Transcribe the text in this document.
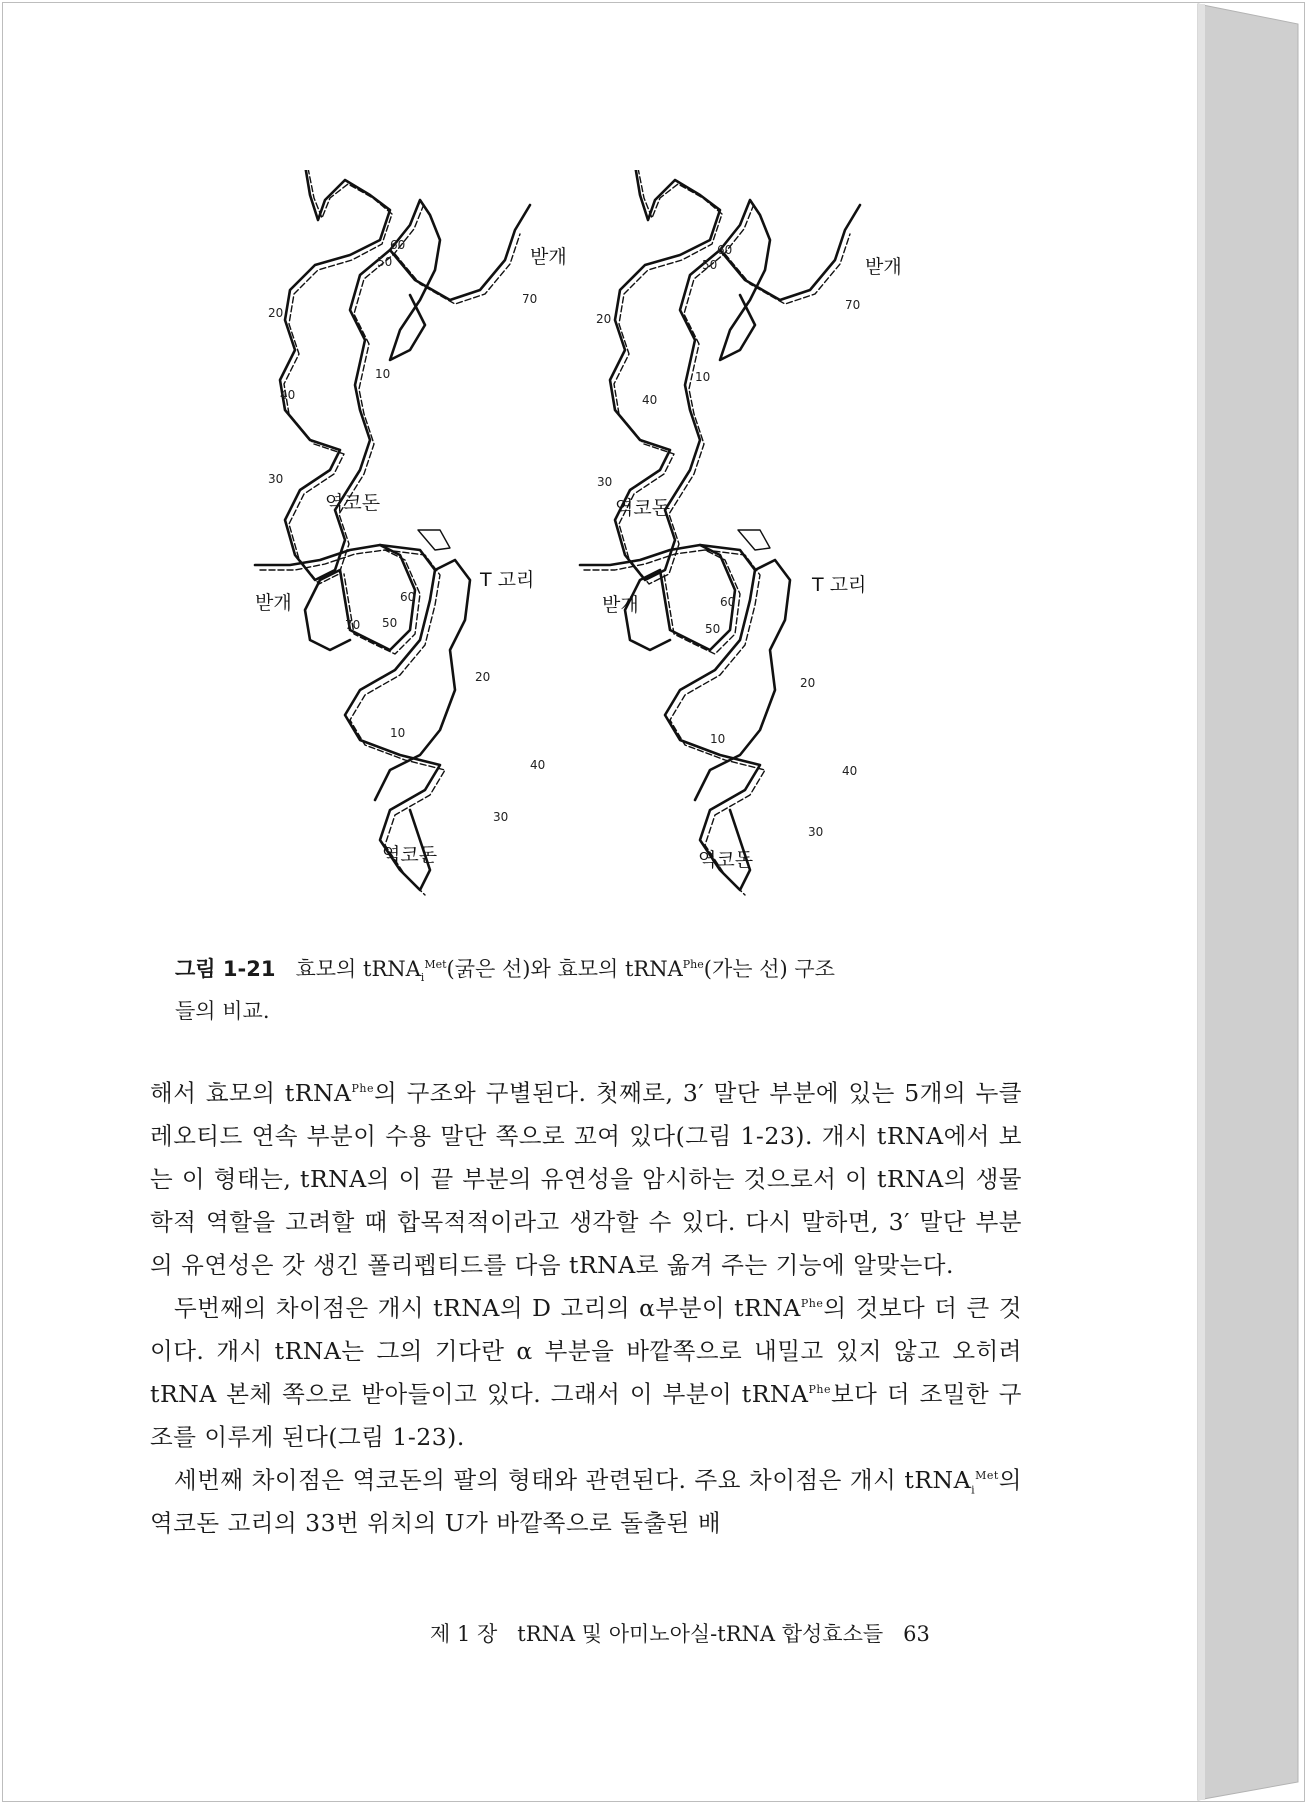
받개
역코돈
60
50
70
20
10
40
30
받개
역코돈
60
50
70
20
10
40
30
받개
T 고리
역코돈
60
70 50
20
10
40
30
받개
T 고리
역코돈
60
50
20
10
40
30
그림 1-21 효모의 tRNA$_i^{Met}$(굵은 선)와 효모의 tRNA$^{Phe}$(가는 선) 구조
들의 비교.

해서 효모의 tRNA$^{Phe}$의 구조와 구별된다. 첫째로, 3′ 말단 부분에 있는 5개의 누클레오티드 연속 부분이 수용 말단 쪽으로 꼬여 있다(그림 1-23). 개시 tRNA에서 보는 이 형태는, tRNA의 이 끝 부분의 유연성을 암시하는 것으로서 이 tRNA의 생물학적 역할을 고려할 때 합목적적이라고 생각할 수 있다. 다시 말하면, 3′ 말단 부분의 유연성은 갓 생긴 폴리펩티드를 다음 tRNA로 옮겨 주는 기능에 알맞는다.

두번째의 차이점은 개시 tRNA의 D 고리의 α부분이 tRNA$^{Phe}$의 것보다 더 큰 것이다. 개시 tRNA는 그의 기다란 α 부분을 바깥쪽으로 내밀고 있지 않고 오히려 tRNA 본체 쪽으로 받아들이고 있다. 그래서 이 부분이 tRNA$^{Phe}$보다 더 조밀한 구조를 이루게 된다(그림 1-23).

세번째 차이점은 역코돈의 팔의 형태와 관련된다. 주요 차이점은 개시 tRNA$_i^{Met}$의 역코돈 고리의 33번 위치의 U가 바깥쪽으로 돌출된 배

제 1 장 tRNA 및 아미노아실-tRNA 합성효소들 63
